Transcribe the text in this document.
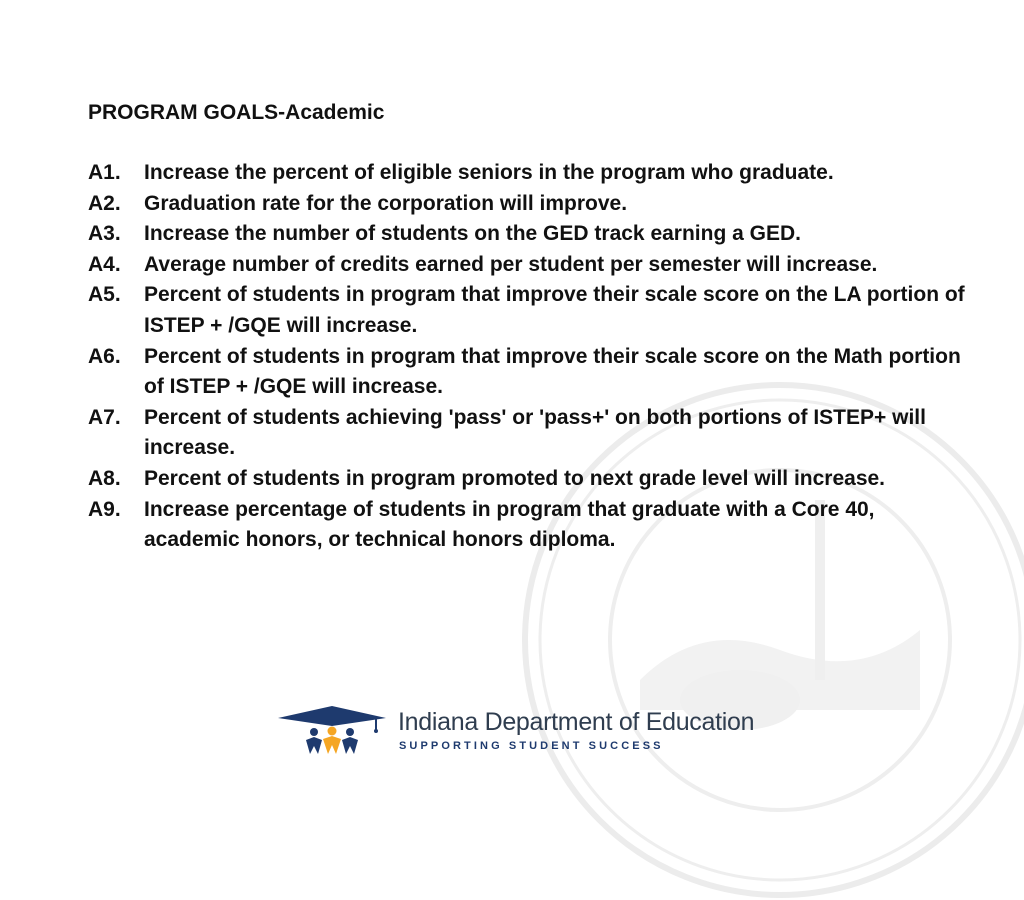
PROGRAM GOALS-Academic
A1.	Increase the percent of eligible seniors in the program who graduate.
A2.	Graduation rate for the corporation will improve.
A3.	Increase the number of students on the GED track earning a GED.
A4.	Average number of credits earned per student per semester will increase.
A5.	Percent of students in program that improve their scale score on the LA portion of ISTEP + /GQE will increase.
A6.	Percent of students in program that improve their scale score on the Math portion of ISTEP + /GQE will increase.
A7.	Percent of students achieving 'pass' or 'pass+' on both portions of ISTEP+ will increase.
A8.	Percent of students in program promoted to next grade level will increase.
A9.	Increase percentage of students in program that graduate with a Core 40, academic honors, or technical honors diploma.
Indiana Department of Education
SUPPORTING STUDENT SUCCESS
